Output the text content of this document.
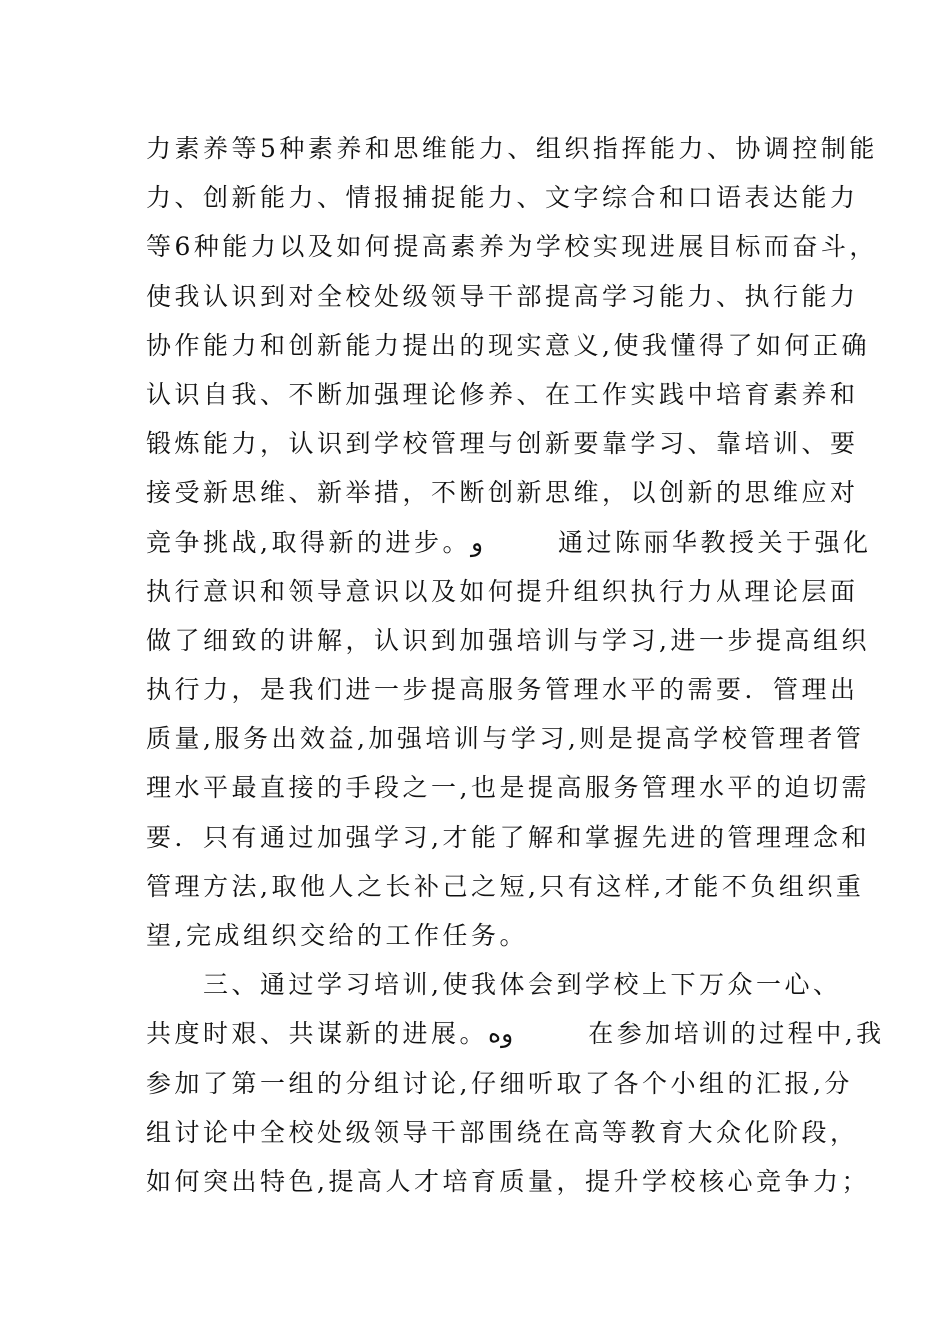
力素养等5种素养和思维能力、组织指挥能力、协调控制能
力、创新能力、情报捕捉能力、文字综合和口语表达能力
等6种能力以及如何提高素养为学校实现进展目标而奋斗，
使我认识到对全校处级领导干部提高学习能力、执行能力
协作能力和创新能力提出的现实意义,使我懂得了如何正确
认识自我、不断加强理论修养、在工作实践中培育素养和
锻炼能力，认识到学校管理与创新要靠学习、靠培训、要
接受新思维、新举措，不断创新思维，以创新的思维应对
竞争挑战,取得新的进步。و　　　通过陈丽华教授关于强化
执行意识和领导意识以及如何提升组织执行力从理论层面
做了细致的讲解，认识到加强培训与学习,进一步提高组织
执行力，是我们进一步提高服务管理水平的需要．管理出
质量,服务出效益,加强培训与学习,则是提高学校管理者管
理水平最直接的手段之一,也是提高服务管理水平的迫切需
要．只有通过加强学习,才能了解和掌握先进的管理理念和
管理方法,取他人之长补己之短,只有这样,才能不负组织重
望,完成组织交给的工作任务。
　　三、通过学习培训,使我体会到学校上下万众一心、
共度时艰、共谋新的进展。وه　　　在参加培训的过程中,我
参加了第一组的分组讨论,仔细听取了各个小组的汇报,分
组讨论中全校处级领导干部围绕在高等教育大众化阶段，
如何突出特色,提高人才培育质量，提升学校核心竞争力；
